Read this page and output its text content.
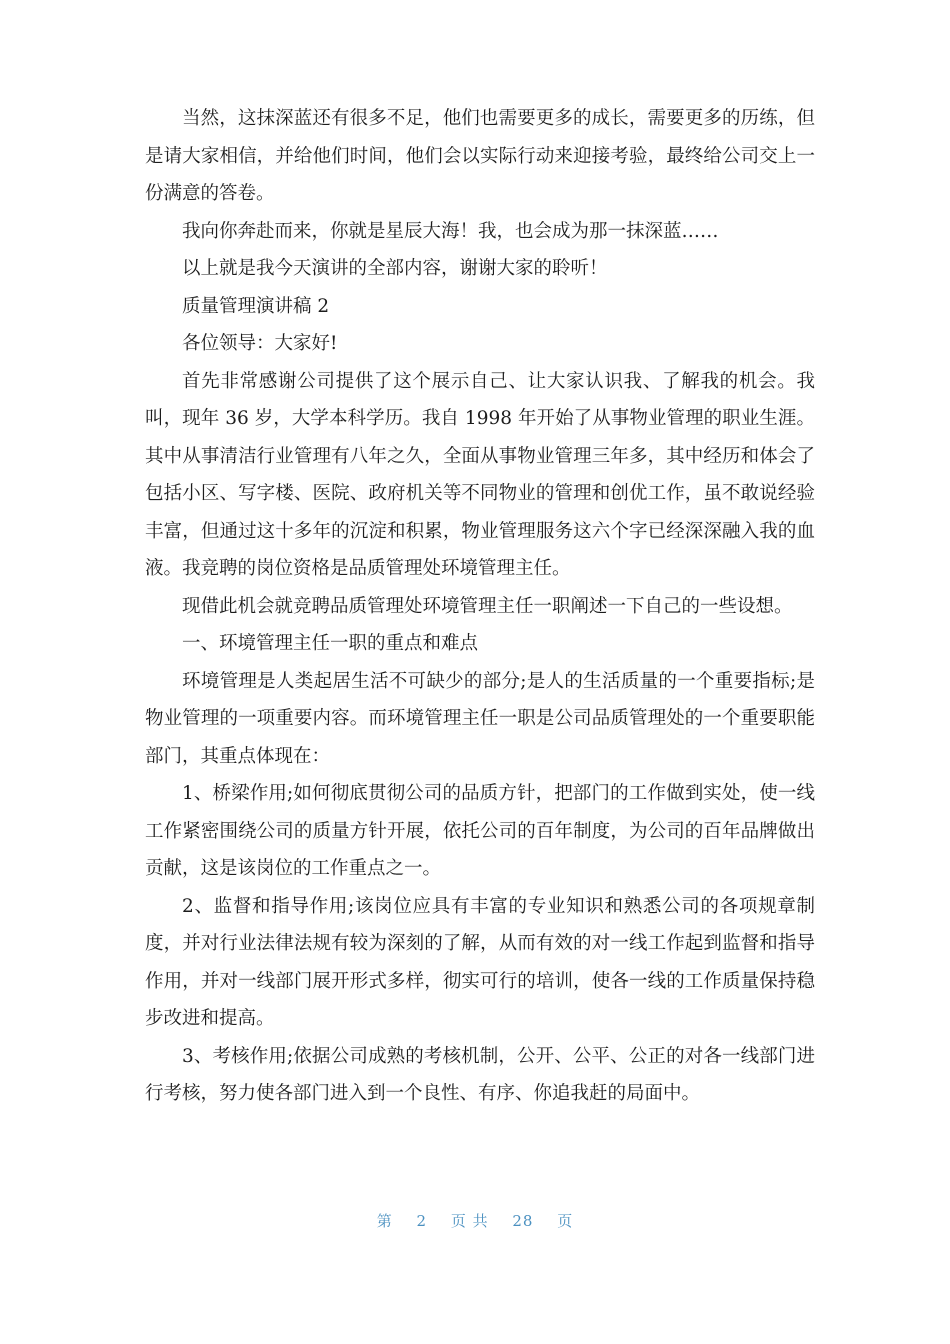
当然，这抹深蓝还有很多不足，他们也需要更多的成长，需要更多的历练，但是请大家相信，并给他们时间，他们会以实际行动来迎接考验，最终给公司交上一份满意的答卷。

我向你奔赴而来，你就是星辰大海！我，也会成为那一抹深蓝……

以上就是我今天演讲的全部内容，谢谢大家的聆听！

质量管理演讲稿 2

各位领导：大家好!

首先非常感谢公司提供了这个展示自己、让大家认识我、了解我的机会。我叫，现年 36 岁，大学本科学历。我自 1998 年开始了从事物业管理的职业生涯。其中从事清洁行业管理有八年之久，全面从事物业管理三年多，其中经历和体会了包括小区、写字楼、医院、政府机关等不同物业的管理和创优工作，虽不敢说经验丰富，但通过这十多年的沉淀和积累，物业管理服务这六个字已经深深融入我的血液。我竞聘的岗位资格是品质管理处环境管理主任。

现借此机会就竞聘品质管理处环境管理主任一职阐述一下自己的一些设想。

一、环境管理主任一职的重点和难点

环境管理是人类起居生活不可缺少的部分;是人的生活质量的一个重要指标;是物业管理的一项重要内容。而环境管理主任一职是公司品质管理处的一个重要职能部门，其重点体现在：

1、桥梁作用;如何彻底贯彻公司的品质方针，把部门的工作做到实处，使一线工作紧密围绕公司的质量方针开展，依托公司的百年制度，为公司的百年品牌做出贡献，这是该岗位的工作重点之一。

2、监督和指导作用;该岗位应具有丰富的专业知识和熟悉公司的各项规章制度，并对行业法律法规有较为深刻的了解，从而有效的对一线工作起到监督和指导作用，并对一线部门展开形式多样，彻实可行的培训，使各一线的工作质量保持稳步改进和提高。

3、考核作用;依据公司成熟的考核机制，公开、公平、公正的对各一线部门进行考核，努力使各部门进入到一个良性、有序、你追我赶的局面中。

第 2 页 共 28 页
